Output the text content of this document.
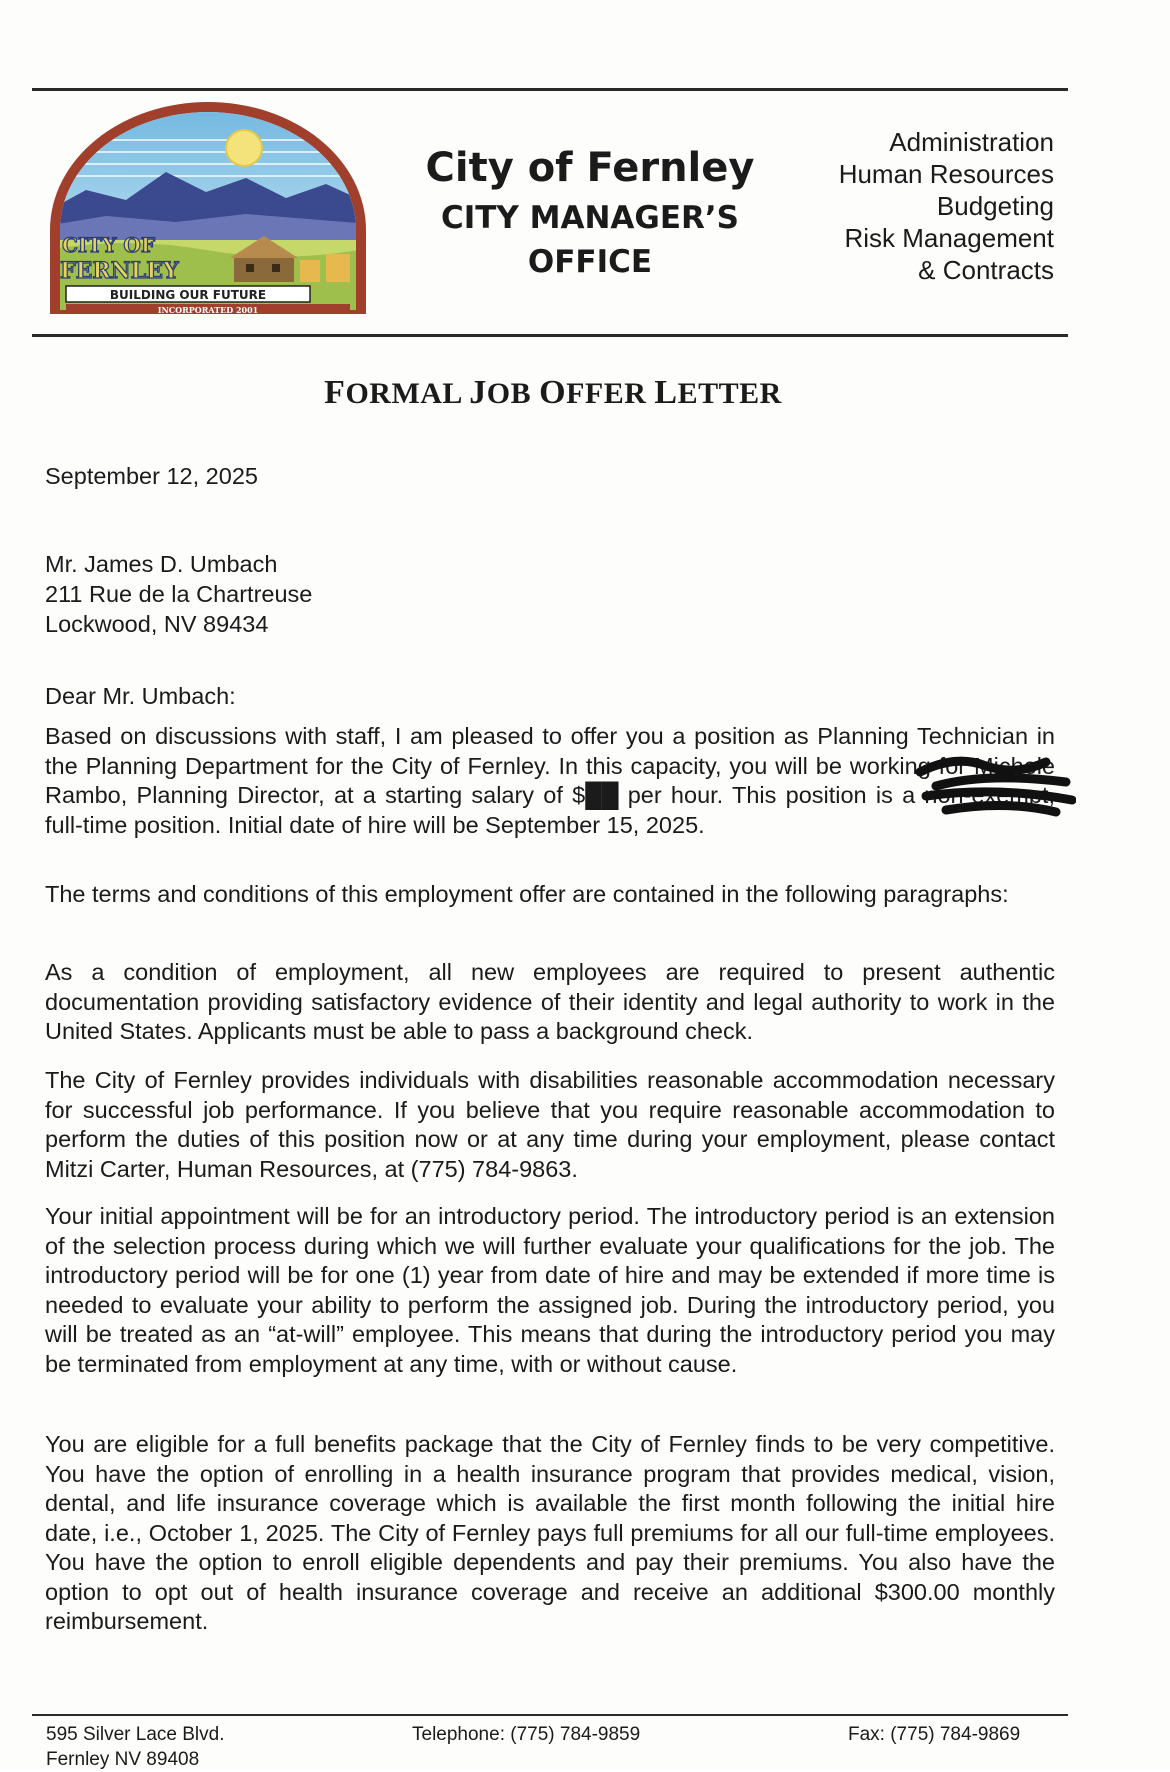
CITY OF
FERNLEY
BUILDING OUR FUTURE
INCORPORATED 2001

City of Fernley

CITY MANAGER’S
OFFICE

Administration
Human Resources
Budgeting
Risk Management
& Contracts
FORMAL JOB OFFER LETTER
September 12, 2025
Mr. James D. Umbach
211 Rue de la Chartreuse
Lockwood, NV 89434
Dear Mr. Umbach:
Based on discussions with staff, I am pleased to offer you a position as Planning Technician in the Planning Department for the City of Fernley. In this capacity, you will be working for Michele Rambo, Planning Director, at a starting salary of $██ per hour. This position is a non-exempt, full-time position. Initial date of hire will be September 15, 2025.
The terms and conditions of this employment offer are contained in the following paragraphs:
As a condition of employment, all new employees are required to present authentic documentation providing satisfactory evidence of their identity and legal authority to work in the United States. Applicants must be able to pass a background check.
The City of Fernley provides individuals with disabilities reasonable accommodation necessary for successful job performance. If you believe that you require reasonable accommodation to perform the duties of this position now or at any time during your employment, please contact Mitzi Carter, Human Resources, at (775) 784-9863.
Your initial appointment will be for an introductory period. The introductory period is an extension of the selection process during which we will further evaluate your qualifications for the job. The introductory period will be for one (1) year from date of hire and may be extended if more time is needed to evaluate your ability to perform the assigned job. During the introductory period, you will be treated as an “at-will” employee. This means that during the introductory period you may be terminated from employment at any time, with or without cause.
You are eligible for a full benefits package that the City of Fernley finds to be very competitive. You have the option of enrolling in a health insurance program that provides medical, vision, dental, and life insurance coverage which is available the first month following the initial hire date, i.e., October 1, 2025. The City of Fernley pays full premiums for all our full-time employees. You have the option to enroll eligible dependents and pay their premiums. You also have the option to opt out of health insurance coverage and receive an additional $300.00 monthly reimbursement.
595 Silver Lace Blvd.
Fernley NV 89408
Telephone: (775) 784-9859	Fax: (775) 784-9869
